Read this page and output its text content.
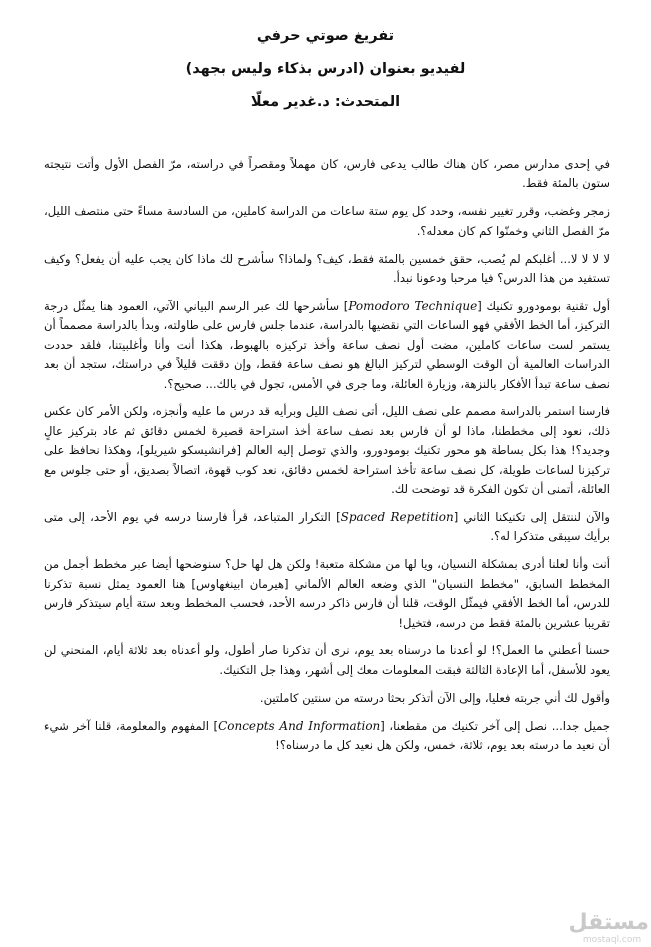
تفريغ صوتي حرفي
لفيديو بعنوان (ادرس بذكاء وليس بجهد)
المتحدث: د.غدير معلّا

في إحدى مدارس مصر، كان هناك طالب يدعى فارس، كان مهملاً ومقصراً في دراسته، مرّ الفصل الأول وأتت نتيجته ستون بالمئة فقط.

زمجر وغضب، وقرر تغيير نفسه، وحدد كل يوم ستة ساعات من الدراسة كاملين، من السادسة مساءً حتى منتصف الليل، مرّ الفصل الثاني وخمنّوا كم كان معدله؟.

لا لا لا لا... أغلبكم لم يُصب، حقق خمسين بالمئة فقط، كيف؟ ولماذا؟ سأشرح لك ماذا كان يجب عليه أن يفعل؟ وكيف تستفيد من هذا الدرس؟ فيا مرحبا ودعونا نبدأ.

أول تقنية بومودورو تكنيك [Pomodoro Technique] سأشرحها لك عبر الرسم البياني الآتي، العمود هنا يمثّل درجة التركيز، أما الخط الأفقي فهو الساعات التي نقضيها بالدراسة، عندما جلس فارس على طاولته، وبدأ بالدراسة مصمماً أن يستمر لست ساعات كاملين، مضت أول نصف ساعة وأخذ تركيزه بالهبوط، هكذا أنت وأنا وأغلبيتنا، فلقد حددت الدراسات العالمية أن الوقت الوسطي لتركيز البالغ هو نصف ساعة فقط، وإن دققت قليلاً في دراستك، ستجد أن بعد نصف ساعة تبدأ الأفكار بالنزهة، وزيارة العائلة، وما جرى في الأمس، تجول في بالك... صحيح؟.

فارسنا استمر بالدراسة مصمم على نصف الليل، أتى نصف الليل وبرأيه قد درس ما عليه وأنجزه، ولكن الأمر كان عكس ذلك، نعود إلى مخططنا، ماذا لو أن فارس بعد نصف ساعة أخذ استراحة قصيرة لخمس دقائق ثم عاد بتركيز عالٍ وجديد؟! هذا بكل بساطة هو محور تكنيك بومودورو، والذي توصل إليه العالم [فرانشيسكو شيريلو]، وهكذا نحافظ على تركيزنا لساعات طويلة، كل نصف ساعة تأخذ استراحة لخمس دقائق، نعد كوب قهوة، اتصالاً بصديق، أو حتى جلوس مع العائلة، أتمنى أن تكون الفكرة قد توضحت لك.

والآن لننتقل إلى تكنيكنا الثاني [Spaced Repetition] التكرار المتباعد، قرأ فارسنا درسه في يوم الأحد، إلى متى برأيك سيبقى متذكرا له؟.

أنت وأنا لعلنا أدرى بمشكلة النسيان، ويا لها من مشكلة متعبة! ولكن هل لها حل؟ سنوضحها أيضا عبر مخطط أجمل من المخطط السابق، "مخطط النسيان" الذي وضعه العالم الألماني [هيرمان ابينغهاوس] هنا العمود يمثل نسبة تذكرنا للدرس، أما الخط الأفقي فيمثّل الوقت، قلنا أن فارس ذاكر درسه الأحد، فحسب المخطط وبعد ستة أيام سيتذكر فارس تقريبا عشرين بالمئة فقط من درسه، فتخيل!

حسنا أعطني ما العمل؟! لو أعدنا ما درسناه بعد يوم، نرى أن تذكرنا صار أطول، ولو أعدناه بعد ثلاثة أيام، المنحني لن يعود للأسفل، أما الإعادة الثالثة فبقت المعلومات معك إلى أشهر، وهذا جل التكنيك.

وأقول لك أني جربته فعليا، وإلى الآن أتذكر بحثا درسته من سنتين كاملتين.

جميل جدا... نصل إلى آخر تكنيك من مقطعنا، [Concepts And Information] المفهوم والمعلومة، قلنا آخر شيء أن نعيد ما درسته بعد يوم، ثلاثة، خمس، ولكن هل نعيد كل ما درسناه؟!

مستقل
mostaql.com
